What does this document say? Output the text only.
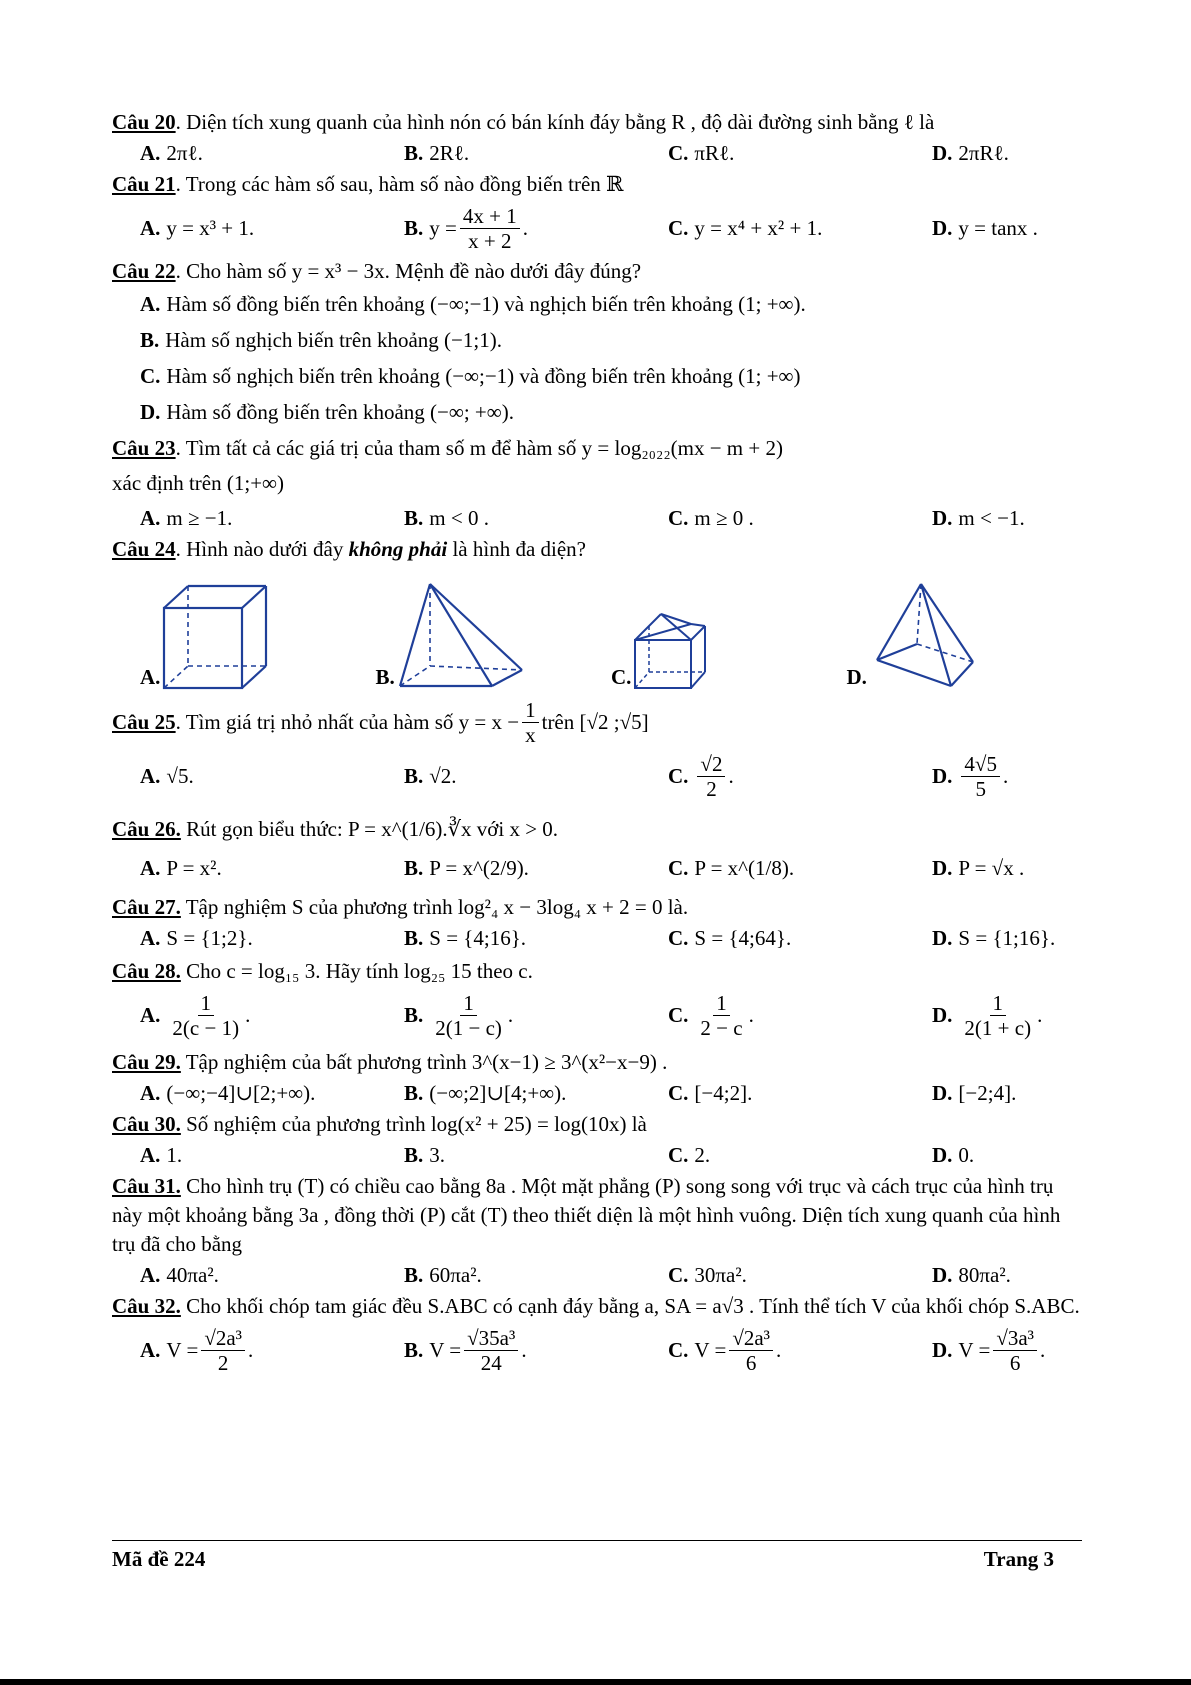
Câu 20. Diện tích xung quanh của hình nón có bán kính đáy bằng R , độ dài đường sinh bằng ℓ là

A. 2πℓ.	B. 2Rℓ.	C. πRℓ.	D. 2πRℓ.

Câu 21. Trong các hàm số sau, hàm số nào đồng biến trên ℝ

A. y = x³ + 1.	B. $y = \frac{4x + 1}{x + 2}$ .	C. y = x⁴ + x² + 1.	D. y = tanx .

Câu 22. Cho hàm số y = x³ − 3x. Mệnh đề nào dưới đây đúng?

A. Hàm số đồng biến trên khoảng (−∞;−1) và nghịch biến trên khoảng (1; +∞).
B. Hàm số nghịch biến trên khoảng (−1;1).
C. Hàm số nghịch biến trên khoảng (−∞;−1) và đồng biến trên khoảng (1; +∞)
D. Hàm số đồng biến trên khoảng (−∞; +∞).

Câu 23. Tìm tất cả các giá trị của tham số m để hàm số y = log₂₀₂₂(mx − m + 2)

xác định trên (1;+∞)

A. m ≥ −1.	B. m < 0 .	C. m ≥ 0 .	D. m < −1.

Câu 24. Hình nào dưới đây không phải là hình đa diện?

A.	B.	C.	D.

Câu 25 . Tìm giá trị nhỏ nhất của hàm số $y = x - \frac{1}{x}$ trên [√2 ;√5]

A. √5.	B. √2.	C. $\frac{√2}{2}$ .	D. $\frac{4√5}{5}$ .

Câu 26. Rút gọn biểu thức: P = x^(1/6).∛x với x > 0.

A. P = x².	B. P = x^(2/9).	C. P = x^(1/8).	D. P = √x .

Câu 27. Tập nghiệm S của phương trình log²₄ x − 3log₄ x + 2 = 0 là.

A. S = {1;2}.	B. S = {4;16}.	C. S = {4;64}.	D. S = {1;16}.

Câu 28. Cho c = log₁₅ 3. Hãy tính log₂₅ 15 theo c.

A. $\frac{1}{2(c - 1)}$ .	B. $\frac{1}{2(1 - c)}$ .	C. $\frac{1}{2 - c}$ .	D. $\frac{1}{2(1 + c)}$ .

Câu 29. Tập nghiệm của bất phương trình 3^(x−1) ≥ 3^(x²−x−9) .

A. (−∞;−4]∪[2;+∞).	B. (−∞;2]∪[4;+∞).	C. [−4;2].	D. [−2;4].

Câu 30. Số nghiệm của phương trình log(x² + 25) = log(10x) là

A. 1.	B. 3.	C. 2.	D. 0.

Câu 31. Cho hình trụ (T) có chiều cao bằng 8a . Một mặt phẳng (P) song song với trục và cách trục của hình trụ này một khoảng bằng 3a , đồng thời (P) cắt (T) theo thiết diện là một hình vuông. Diện tích xung quanh của hình trụ đã cho bằng

A. 40πa².	B. 60πa².	C. 30πa².	D. 80πa².

Câu 32. Cho khối chóp tam giác đều S.ABC có cạnh đáy bằng a, SA = a√3 . Tính thể tích V của khối chóp S.ABC.

A. $V = \frac{\text{√2a³}}{2}$ .	B. $V = \frac{\text{√35a³}}{24}$ .	C. $V = \frac{\text{√2a³}}{6}$ .	D. $V = \frac{\text{√3a³}}{6}$ .
Mã đề 224	Trang 3
